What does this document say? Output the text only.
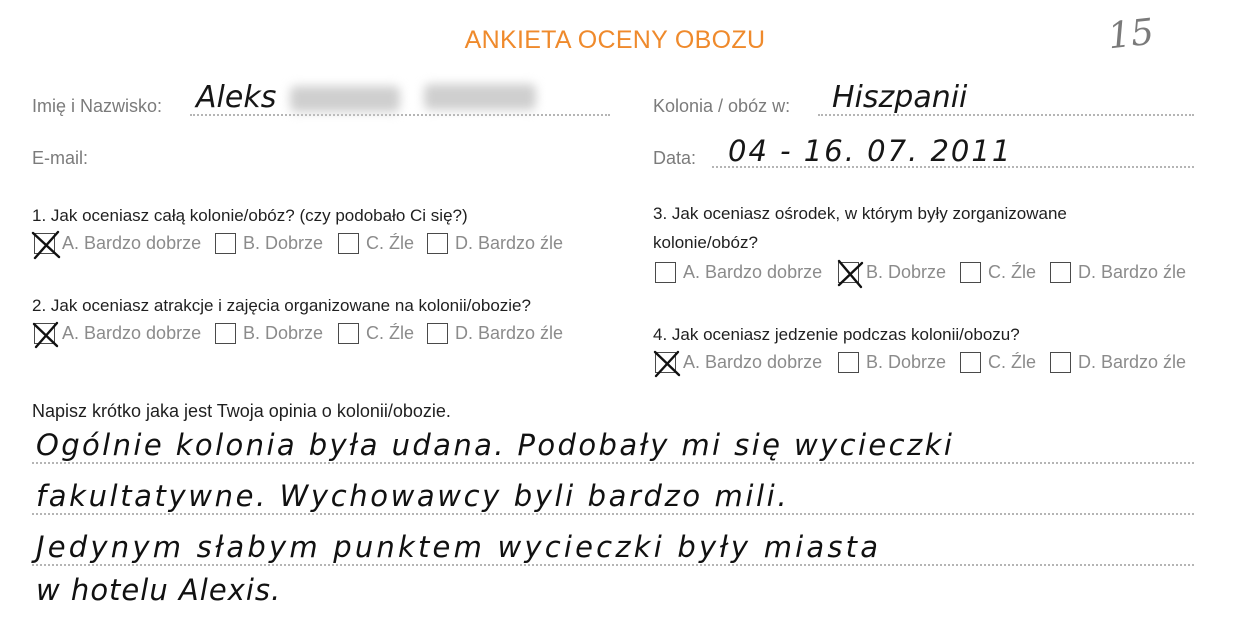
ANKIETA OCENY OBOZU	15
Imię i Nazwisko: Aleks
E-mail:
Kolonia / obóz w: Hiszpanii
Data: 04 - 16. 07. 2011
1. Jak oceniasz całą kolonie/obóz? (czy podobało Ci się?)
A. Bardzo dobrze B. Dobrze C. Źle D. Bardzo źle
2. Jak oceniasz atrakcje i zajęcia organizowane na kolonii/obozie?
A. Bardzo dobrze B. Dobrze C. Źle D. Bardzo źle
3. Jak oceniasz ośrodek, w którym były zorganizowane
kolonie/obóz?
A. Bardzo dobrze B. Dobrze C. Źle D. Bardzo źle
4. Jak oceniasz jedzenie podczas kolonii/obozu?
A. Bardzo dobrze B. Dobrze C. Źle D. Bardzo źle
Napisz krótko jaka jest Twoja opinia o kolonii/obozie.
Ogólnie kolonia była udana. Podobały mi się wycieczki
fakultatywne. Wychowawcy byli bardzo mili.
Jedynym słabym punktem wycieczki były miasta
w hotelu Alexis.
